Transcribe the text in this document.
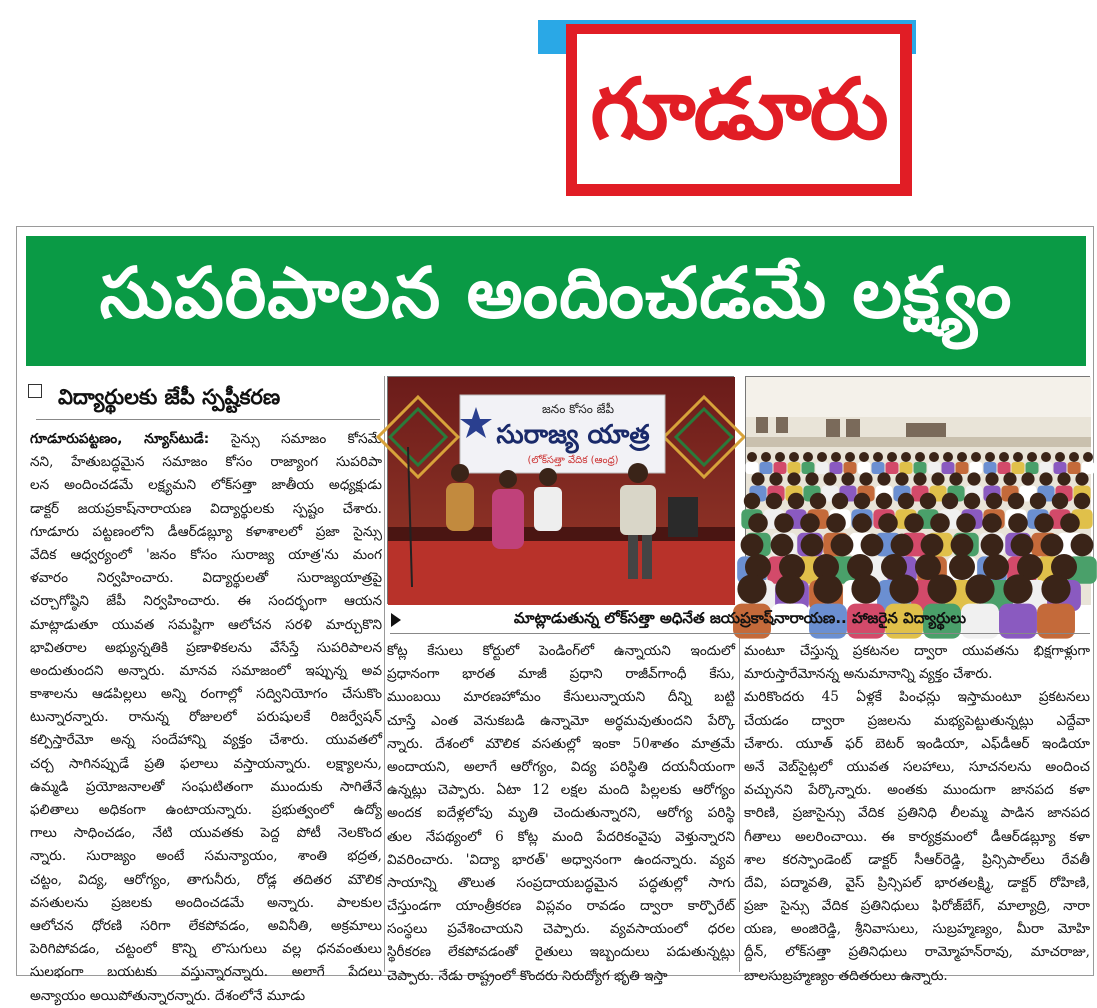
గూడూరు
సుపరిపాలన అందించడమే లక్ష్యం
విద్యార్థులకు జేపీ స్పష్టీకరణ
గూడూరుపట్టణం, న్యూస్‌టుడే: సైన్సు సమాజం కోసమే
నని, హేతుబద్ధమైన సమాజం కోసం రాజ్యాంగ సుపరిపా
లన అందించడమే లక్ష్యమని లోక్‌సత్తా జాతీయ అధ్యక్షుడు
డాక్టర్ జయప్రకాష్‌నారాయణ విద్యార్థులకు స్పష్టం చేశారు.
గూడూరు పట్టణంలోని డీఆర్‌డబ్ల్యూ కళాశాలలో ప్రజా సైన్సు
వేదిక ఆధ్వర్యంలో 'జనం కోసం సురాజ్య యాత్ర'ను మంగ
ళవారం నిర్వహించారు. విద్యార్థులతో సురాజ్యయాత్రపై
చర్చాగోష్ఠిని జేపీ నిర్వహించారు. ఈ సందర్భంగా ఆయన
మాట్లాడుతూ యువత సమష్టిగా ఆలోచన సరళి మార్చుకొని
భావితరాల అభ్యున్నతికి ప్రణాళికలను వేసేస్తే సుపరిపాలన
అందుతుందని అన్నారు. మానవ సమాజంలో ఇప్పున్న అవ
కాశాలను ఆడపిల్లలు అన్ని రంగాల్లో సద్వినియోగం చేసుకొం
టున్నారన్నారు. రానున్న రోజులలో పరుషులకే రిజర్వేషన్
కల్పిస్తారేమో అన్న సందేహాన్ని వ్యక్తం చేశారు. యువతలో
చర్చ సాగినప్పుడే ప్రతి ఫలాలు వస్తాయన్నారు. లక్ష్యాలను,
ఉమ్మడి ప్రయోజనాలతో సంఘటితంగా ముందుకు సాగితేనే
ఫలితాలు అధికంగా ఉంటాయన్నారు. ప్రభుత్వంలో ఉద్యో
గాలు సాధించడం, నేటి యువతకు పెద్ద పోటీ నెలకొంద
న్నారు. సురాజ్యం అంటే సమన్యాయం, శాంతి భద్రత,
చట్టం, విద్య, ఆరోగ్యం, తాగునీరు, రోడ్ల తదితర మౌలిక
వసతులను ప్రజలకు అందించడమే అన్నారు. పాలకుల
ఆలోచన ధోరణి సరిగా లేకపోవడం, అవినీతి, అక్రమాలు
పెరిగిపోవడం, చట్టంలో కొన్ని లొసుగులు వల్ల ధనవంతులు
సులభంగా బయటకు వస్తున్నారన్నారు. అలాగే పేదలు
అన్యాయం అయిపోతున్నారన్నారు. దేశంలోనే మూడు
జనం కోసం జేపీ
సురాజ్య యాత్ర
(లోక్‌సత్తా వేదిక (ఆంధ్ర)
మాట్లాడుతున్న లోక్‌సత్తా అధినేత జయప్రకాష్‌నారాయణ.. హాజరైన విద్యార్థులు
కోట్ల కేసులు కోర్టులో పెండింగ్‌లో ఉన్నాయని ఇందులో
ప్రధానంగా భారత మాజీ ప్రధాని రాజీవ్‌గాంధీ కేసు,
ముంబయి మారణహోమం కేసులున్నాయని దీన్ని బట్టి
చూస్తే ఎంత వెనుకబడి ఉన్నామో అర్థమవుతుందని పేర్కొ
న్నారు. దేశంలో మౌలిక వసతుల్లో ఇంకా 50శాతం మాత్రమే
అందాయని, అలాగే ఆరోగ్యం, విద్య పరిస్థితి దయనీయంగా
ఉన్నట్లు చెప్పారు. ఏటా 12 లక్షల మంది పిల్లలకు ఆరోగ్యం
అందక ఐదేళ్లలోపు మృతి చెందుతున్నారని, ఆరోగ్య పరిస్థి
తుల నేపథ్యంలో 6 కోట్ల మంది పేదరికంవైపు వెళ్తున్నారని
వివరించారు. 'విద్యా భారత్' అధ్వానంగా ఉందన్నారు. వ్యవ
సాయాన్ని తొలుత సంప్రదాయబద్ధమైన పద్ధతుల్లో సాగు
చేస్తుండగా యాంత్రీకరణ విప్లవం రావడం ద్వారా కార్పొరేట్
సంస్థలు ప్రవేశించాయని చెప్పారు. వ్యవసాయంలో ధరల
స్థిరీకరణ లేకపోవడంతో రైతులు ఇబ్బందులు పడుతున్నట్లు
చెప్పారు. నేడు రాష్ట్రంలో కొందరు నిరుద్యోగ భృతి ఇస్తా
మంటూ చేస్తున్న ప్రకటనల ద్వారా యువతను భిక్షగాళ్లుగా
మారుస్తారేమోనన్న అనుమానాన్ని వ్యక్తం చేశారు.
మరికొందరు 45 ఏళ్లకే పింఛన్లు ఇస్తామంటూ ప్రకటనలు
చేయడం ద్వారా ప్రజలను మభ్యపెట్టుతున్నట్లు ఎద్దేవా
చేశారు. యూత్ ఫర్ బెటర్ ఇండియా, ఎఫ్‌డీఆర్ ఇండియా
అనే వెబ్‌సైట్లలో యువత సలహాలు, సూచనలను అందించ
వచ్చునని పేర్కొన్నారు. అంతకు ముందుగా జానపద కళా
కారిణి, ప్రజాసైన్సు వేదిక ప్రతినిధి లీలమ్మ పాడిన జానపద
గీతాలు అలరించాయి. ఈ కార్యక్రమంలో డీఆర్‌డబ్ల్యూ కళా
శాల కరస్పాండెంట్ డాక్టర్ సీఆర్‌రెడ్డి, ప్రిన్సిపాల్‌లు రేవతీ
దేవి, పద్మావతి, వైస్ ప్రిన్సిపల్ భారతలక్ష్మి, డాక్టర్ రోహిణి,
ప్రజా సైన్సు వేదిక ప్రతినిధులు ఫిరోజ్‌బేగ్, మాల్యాద్రి, నారా
యణ, అంజిరెడ్డి, శ్రీనివాసులు, సుబ్రహ్మణ్యం, మీరా మోహి
ద్దీన్, లోక్‌సత్తా ప్రతినిధులు రామ్మోహన్‌రావు, మాచరాజు,
బాలసుబ్రహ్మణ్యం తదితరులు ఉన్నారు.
